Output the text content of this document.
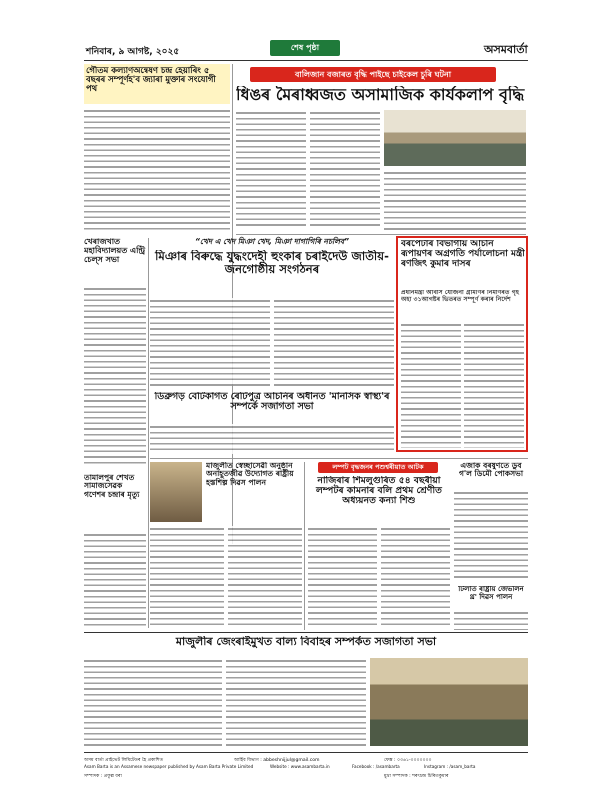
শনিবাৰ, ৯ আগষ্ট, ২০২৫	শেষ পৃষ্ঠা	অসমবাৰ্তা
গৌতম কল্যাণঅন্বেষণ চন্দ্ৰ হেয়াৰিং ৫ বছৰৰ সম্পূৰ্ণহ'ব জ্যাৰা মুক্তাৰ সংযোগী পথ
খেৰাজখাত মহাবিদ্যালয়ত এন্ট্ৰি চেল্স সভা
তামালপুৰ শেখত সামাজসেৱক গণেশৰ চন্দ্ৰাৰ মৃত্যু
বালিজান বজাৰত বৃদ্ধি পাইছে চাইকেল চুৰি ঘটনা
ধিঙৰ মৈৰাধ্বজত অসামাজিক কাৰ্যকলাপ বৃদ্ধি
“খেদ এ খেদ মিঞা খেদ, মিঞা দাগাগিৰি নচলিব”
মিঞাৰ বিৰুদ্ধে যুদ্ধংদেহী হুংকাৰ চৰাইদেউ জাতীয়-জনগোষ্ঠীয় সংগঠনৰ
বৰপেটাৰ বিভাগীয় আঁচনি ৰূপায়ণৰ অগ্ৰগতি পৰ্যালোচনা মন্ত্ৰী ৰণজিৎ কুমাৰ দাসৰ
প্ৰধানমন্ত্ৰী আবাস যোজনা গ্ৰামীণৰ নিৰ্মাণৰত গৃহ অহা ৩১আগষ্টৰ ভিতৰত সম্পূৰ্ণ কৰাৰ নিৰ্দেশ
ডিব্ৰুগড় বেটিকাগত ৰেটিপুত্ৰ আঁচনিৰ অধীনত 'মানসিক স্বাস্থ্য'ৰ সম্পৰ্কে সজাগতা সভা
মাজুলীত স্বেচ্ছাসেৱী অনুষ্ঠান অনাহূতজীৱ উদ্যোগত ৰাষ্ট্ৰীয় হস্তশিল্প দিৱস পালন
লম্পট বৃদ্ধজনৰ পশুশ্বৰীয়াত আটক
নাজিৰাৰ শিমলুগুৰিত ৫৪ বছৰীয়া লম্পটৰ কামনাৰ বলি প্ৰথম শ্ৰেণীত অধ্যয়নত কন্যা শিশু
এজাক বৰষুণতে ডুব গ'ল ডিমৌ পোকসভা
টিলাত ৰাষ্ট্ৰীয় জেভলিন থ্ৰ' দিৱস পালন
মাজুলীৰ জেংৰাইমুখত বাল্য বিবাহৰ সম্পৰ্কত সজাগতা সভা
অসম বাৰ্তা প্ৰাইভেট লিমিটেডৰ হৈ প্ৰকাশিত	আৰ্হিব বিভাগ : abbeshnijjul@gmail.com	ফেক্স : ০৩৬১-০০০০০০০
Asam Barta is an Assamese newspaper published by Asam Barta Private Limited	Website : www.asambarta.in	Facebook : /asambarta	Instagram : /asam_barta
সম্পাদক : প্ৰফুল্ল বৰা	মুদ্ৰা সম্পাদক : শৰৎচন্দ্ৰ চিৰিতকুমাৰ
